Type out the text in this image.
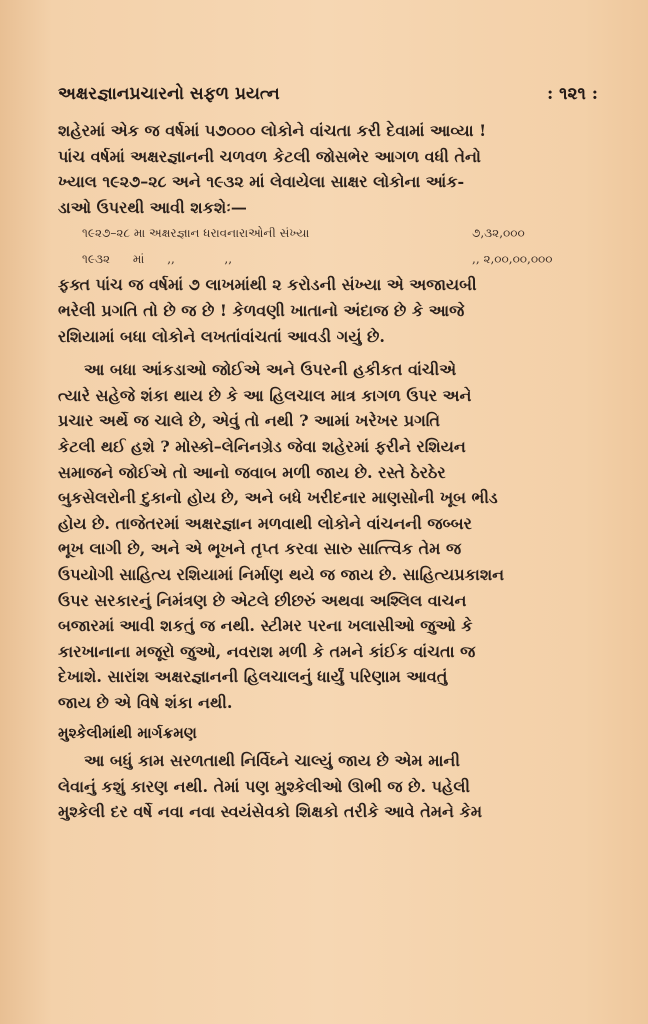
અક્ષરજ્ઞાનપ્રચારનો સફળ પ્રયત્ન	: ૧૨૧ :
શહેરમાં એક જ વર્ષમાં ૫૭૦૦૦ લોકોને વાંચતા કરી દેવામાં આવ્યા !
પાંચ વર્ષમાં અક્ષરજ્ઞાનની ચળવળ કેટલી જોસભેર આગળ વધી તેનો
ખ્યાલ ૧૯૨૭–૨૮ અને ૧૯૩૨ માં લેવાયેલા સાક્ષર લોકોના આંક-
ડાઓ ઉપરથી આવી શકશેઃ—
૧૯૨૭–૨૮ મા અક્ષરજ્ઞાન ધરાવનારાઓની સંખ્યા	૭,૩૨,૦૦૦
૧૯૩૨      માં      ,,             ,,	,, ૨,૦૦,૦૦,૦૦૦
ફક્ત પાંચ જ વર્ષમાં ૭ લાખમાંથી ૨ કરોડની સંખ્યા એ અજાયબી
ભરેલી પ્રગતિ તો છે જ છે ! કેળવણી ખાતાનો અંદાજ છે કે આજે
રશિયામાં બધા લોકોને લખતાંવાંચતાં આવડી ગયું છે.
આ બધા આંકડાઓ જોઈએ અને ઉપરની હકીકત વાંચીએ
ત્યારે સહેજે શંકા થાય છે કે આ હિલચાલ માત્ર કાગળ ઉપર અને
પ્રચાર અર્થે જ ચાલે છે, એવું તો નથી ? આમાં ખરેખર પ્રગતિ
કેટલી થઈ હશે ? મોસ્કો–લેનિનગ્રેડ જેવા શહેરમાં ફરીને રશિયન
સમાજને જોઈએ તો આનો જવાબ મળી જાય છે. રસ્તે ઠેરઠેર
બુકસેલરોની દુકાનો હોય છે, અને બધે ખરીદનાર માણસોની ખૂબ ભીડ
હોય છે. તાજેતરમાં અક્ષરજ્ઞાન મળવાથી લોકોને વાંચનની જબ્બર
ભૂખ લાગી છે, અને એ ભૂખને તૃપ્ત કરવા સારુ સાત્ત્વિક તેમ જ
ઉપયોગી સાહિત્ય રશિયામાં નિર્માણ થયે જ જાય છે. સાહિત્યપ્રકાશન
ઉપર સરકારનું નિમંત્રણ છે એટલે છીછરું અથવા અશ્લિલ વાચન
બજારમાં આવી શકતું જ નથી. સ્ટીમર પરના ખલાસીઓ જુઓ કે
કારખાનાના મજૂરો જુઓ, નવરાશ મળી કે તમને કાંઈક વાંચતા જ
દેખાશે. સારાંશ અક્ષરજ્ઞાનની હિલચાલનું ધાર્યું પરિણામ આવતું
જાય છે એ વિષે શંકા નથી.
મુશ્કેલીમાંથી માર્ગક્રમણ
આ બધું કામ સરળતાથી નિર્વિઘ્ને ચાલ્યું જાય છે એમ માની
લેવાનું કશું કારણ નથી. તેમાં પણ મુશ્કેલીઓ ઊભી જ છે. પહેલી
મુશ્કેલી દર વર્ષે નવા નવા સ્વયંસેવકો શિક્ષકો તરીકે આવે તેમને કેમ
